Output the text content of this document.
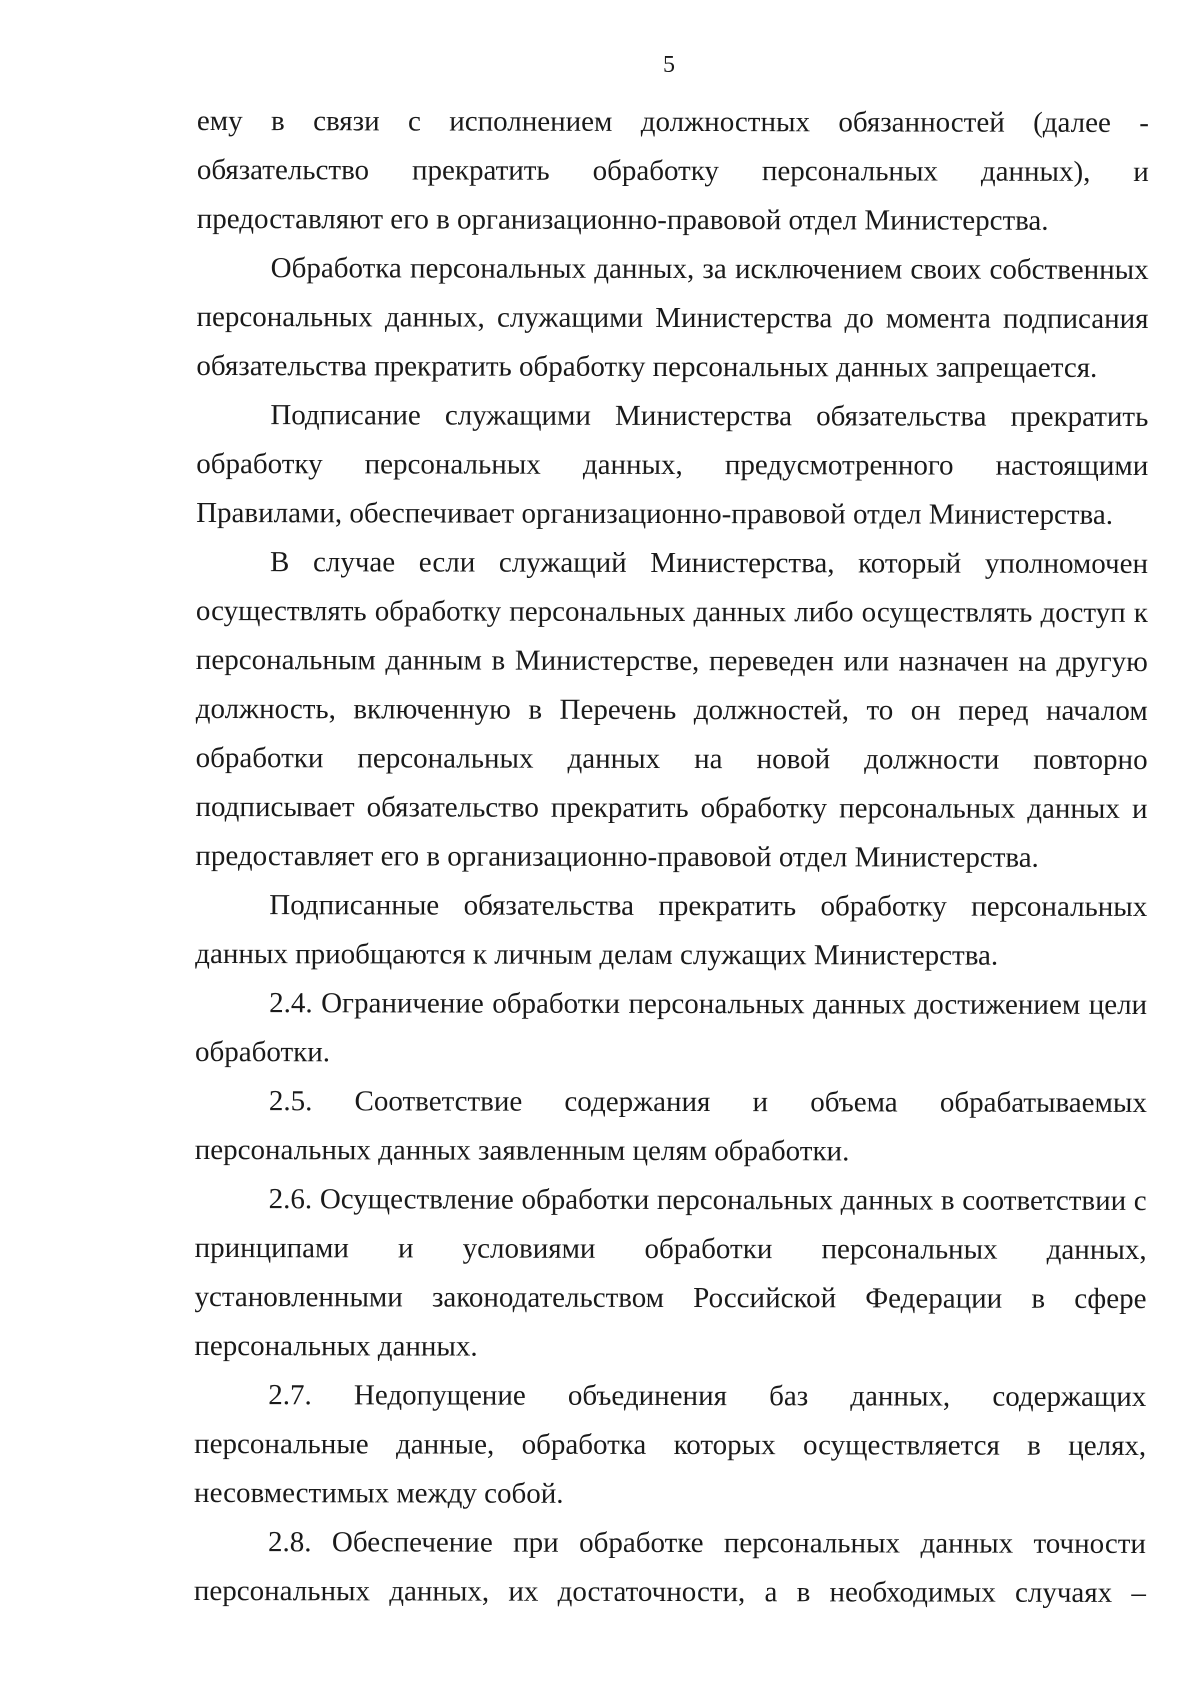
5

ему в связи с исполнением должностных обязанностей (далее - обязательство прекратить обработку персональных данных), и предоставляют его в организационно-правовой отдел Министерства.

Обработка персональных данных, за исключением своих собственных персональных данных, служащими Министерства до момента подписания обязательства прекратить обработку персональных данных запрещается.

Подписание служащими Министерства обязательства прекратить обработку персональных данных, предусмотренного настоящими Правилами, обеспечивает организационно-правовой отдел Министерства.

В случае если служащий Министерства, который уполномочен осуществлять обработку персональных данных либо осуществлять доступ к персональным данным в Министерстве, переведен или назначен на другую должность, включенную в Перечень должностей, то он перед началом обработки персональных данных на новой должности повторно подписывает обязательство прекратить обработку персональных данных и предоставляет его в организационно-правовой отдел Министерства.

Подписанные обязательства прекратить обработку персональных данных приобщаются к личным делам служащих Министерства.

2.4. Ограничение обработки персональных данных достижением цели обработки.

2.5. Соответствие содержания и объема обрабатываемых персональных данных заявленным целям обработки.

2.6. Осуществление обработки персональных данных в соответствии с принципами и условиями обработки персональных данных, установленными законодательством Российской Федерации в сфере персональных данных.

2.7. Недопущение объединения баз данных, содержащих персональные данные, обработка которых осуществляется в целях, несовместимых между собой.

2.8. Обеспечение при обработке персональных данных точности персональных данных, их достаточности, а в необходимых случаях –
